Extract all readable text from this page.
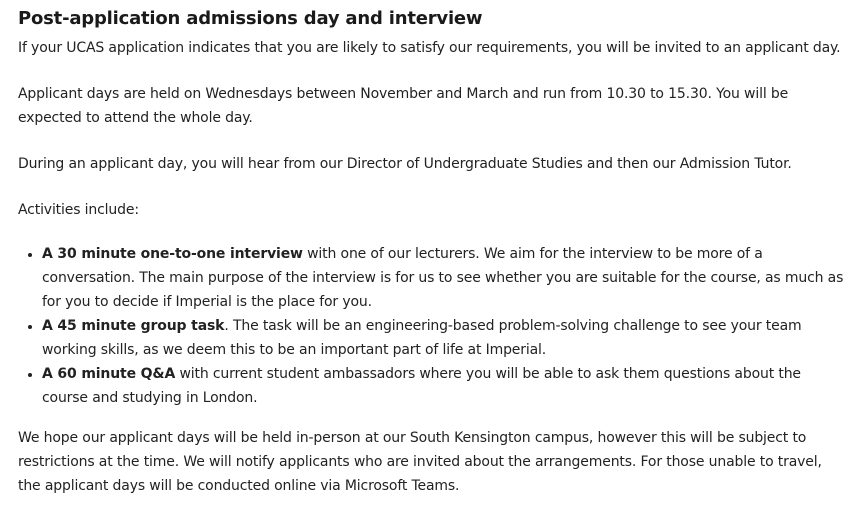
Post-application admissions day and interview

If your UCAS application indicates that you are likely to satisfy our requirements, you will be invited to an applicant day.

Applicant days are held on Wednesdays between November and March and run from 10.30 to 15.30. You will be expected to attend the whole day.

During an applicant day, you will hear from our Director of Undergraduate Studies and then our Admission Tutor.

Activities include:

• A 30 minute one-to-one interview with one of our lecturers. We aim for the interview to be more of a conversation. The main purpose of the interview is for us to see whether you are suitable for the course, as much as for you to decide if Imperial is the place for you.
• A 45 minute group task. The task will be an engineering-based problem-solving challenge to see your team working skills, as we deem this to be an important part of life at Imperial.
• A 60 minute Q&A with current student ambassadors where you will be able to ask them questions about the course and studying in London.

We hope our applicant days will be held in-person at our South Kensington campus, however this will be subject to restrictions at the time. We will notify applicants who are invited about the arrangements. For those unable to travel, the applicant days will be conducted online via Microsoft Teams.
